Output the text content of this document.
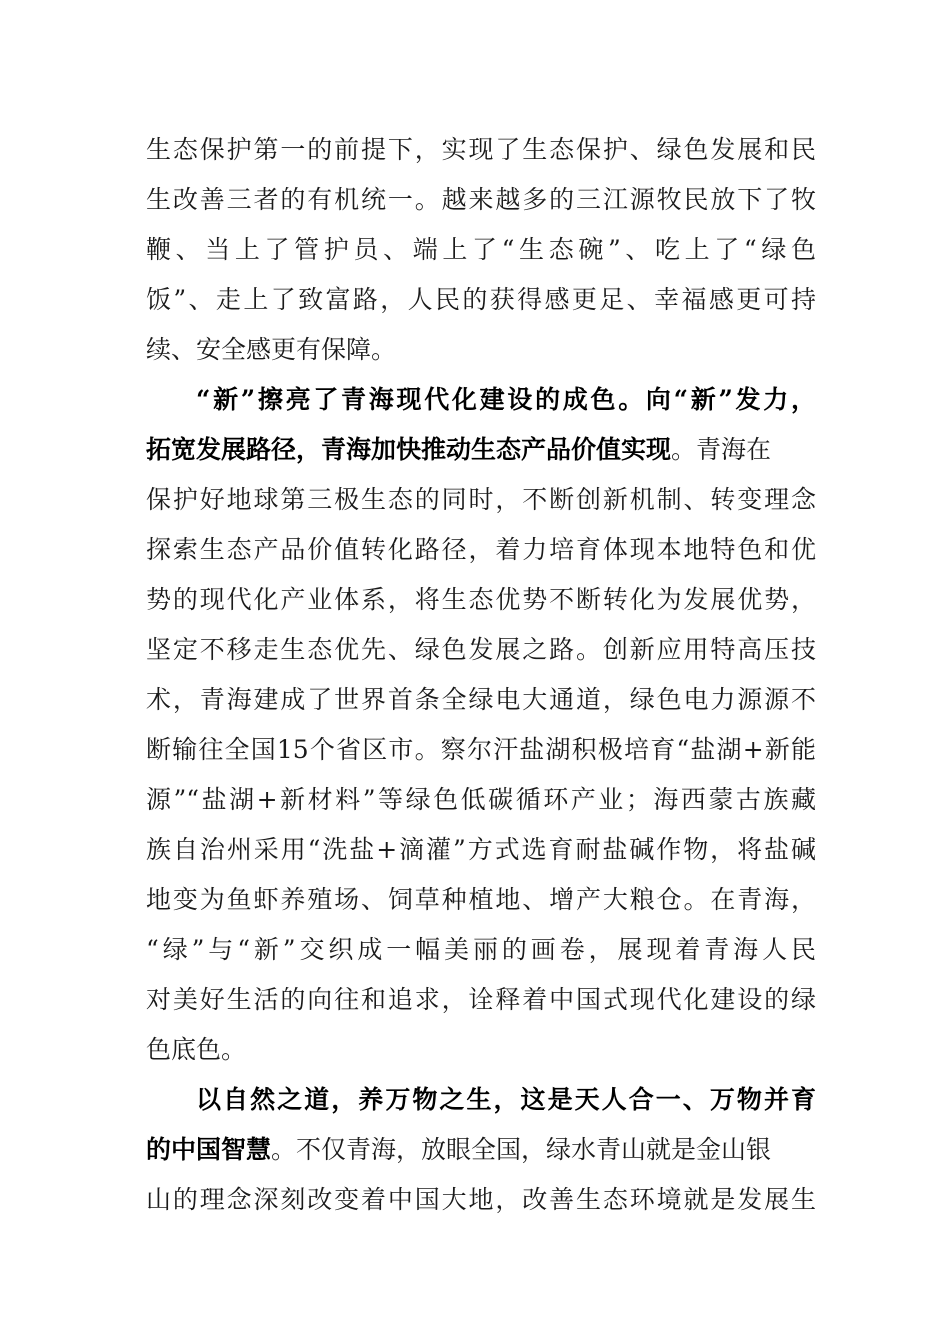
生态保护第一的前提下，实现了生态保护、绿色发展和民
生改善三者的有机统一。越来越多的三江源牧民放下了牧
鞭、当上了管护员、端上了“生态碗”、吃上了“绿色
饭”、走上了致富路，人民的获得感更足、幸福感更可持
续、安全感更有保障。
“新”擦亮了青海现代化建设的成色。向“新”发力，
拓宽发展路径，青海加快推动生态产品价值实现。青海在
保护好地球第三极生态的同时，不断创新机制、转变理念
探索生态产品价值转化路径，着力培育体现本地特色和优
势的现代化产业体系，将生态优势不断转化为发展优势，
坚定不移走生态优先、绿色发展之路。创新应用特高压技
术，青海建成了世界首条全绿电大通道，绿色电力源源不
断输往全国15个省区市。察尔汗盐湖积极培育“盐湖+新能
源”“盐湖+新材料”等绿色低碳循环产业；海西蒙古族藏
族自治州采用“洗盐+滴灌”方式选育耐盐碱作物，将盐碱
地变为鱼虾养殖场、饲草种植地、增产大粮仓。在青海，
“绿”与“新”交织成一幅美丽的画卷，展现着青海人民
对美好生活的向往和追求，诠释着中国式现代化建设的绿
色底色。
以自然之道，养万物之生，这是天人合一、万物并育
的中国智慧。不仅青海，放眼全国，绿水青山就是金山银
山的理念深刻改变着中国大地，改善生态环境就是发展生
